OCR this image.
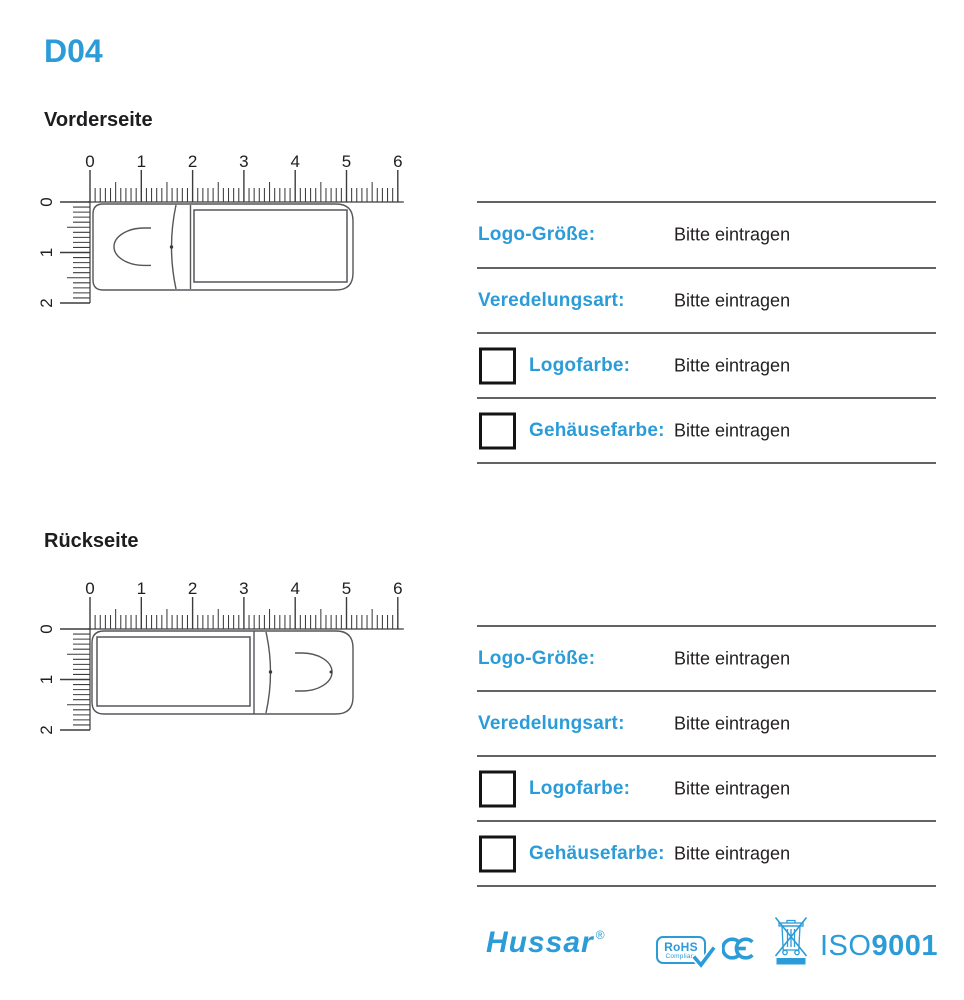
D04
Vorderseite
0 1 2 3 4 5 6
0
1
2
Logo-Größe:	Bitte eintragen
Veredelungsart:	Bitte eintragen
Logofarbe: Bitte eintragen
Gehäusefarbe: Bitte eintragen
Rückseite
0 1 2 3 4 5 6
0
1
2
Logo-Größe:	Bitte eintragen
Veredelungsart:	Bitte eintragen
Logofarbe: Bitte eintragen
Gehäusefarbe: Bitte eintragen
Hussar ®
RoHS
Compliant	ISO9001
